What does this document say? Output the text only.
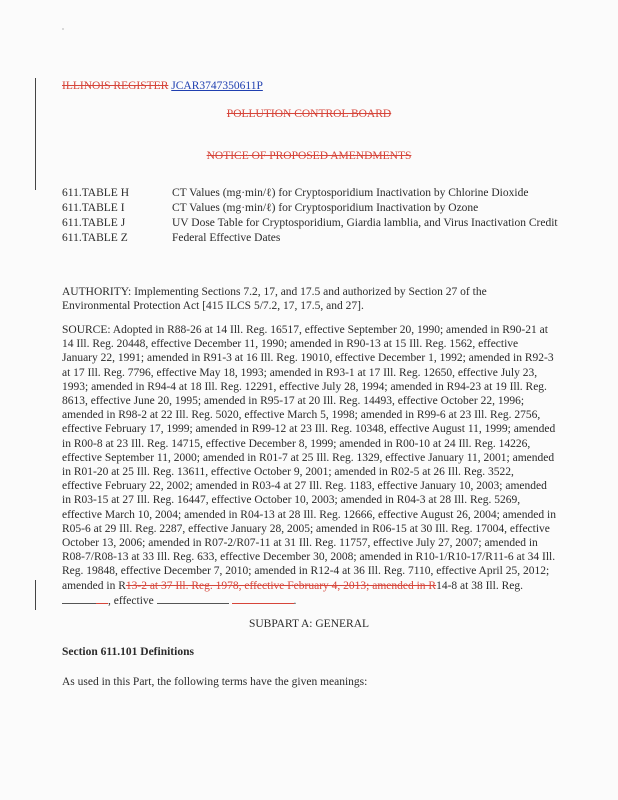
ILLINOIS REGISTER JCAR3747350611P
POLLUTION CONTROL BOARD
NOTICE OF PROPOSED AMENDMENTS
611.TABLE H	CT Values (mg·min/ℓ) for Cryptosporidium Inactivation by Chlorine Dioxide
611.TABLE I	CT Values (mg·min/ℓ) for Cryptosporidium Inactivation by Ozone
611.TABLE J	UV Dose Table for Cryptosporidium, Giardia lamblia, and Virus Inactivation Credit
611.TABLE Z	Federal Effective Dates

AUTHORITY: Implementing Sections 7.2, 17, and 17.5 and authorized by Section 27 of the Environmental Protection Act [415 ILCS 5/7.2, 17, 17.5, and 27].

SOURCE: Adopted in R88-26 at 14 Ill. Reg. 16517, effective September 20, 1990; amended in R90-21 at 14 Ill. Reg. 20448, effective December 11, 1990; amended in R90-13 at 15 Ill. Reg. 1562, effective January 22, 1991; amended in R91-3 at 16 Ill. Reg. 19010, effective December 1, 1992; amended in R92-3 at 17 Ill. Reg. 7796, effective May 18, 1993; amended in R93-1 at 17 Ill. Reg. 12650, effective July 23, 1993; amended in R94-4 at 18 Ill. Reg. 12291, effective July 28, 1994; amended in R94-23 at 19 Ill. Reg. 8613, effective June 20, 1995; amended in R95-17 at 20 Ill. Reg. 14493, effective October 22, 1996; amended in R98-2 at 22 Ill. Reg. 5020, effective March 5, 1998; amended in R99-6 at 23 Ill. Reg. 2756, effective February 17, 1999; amended in R99-12 at 23 Ill. Reg. 10348, effective August 11, 1999; amended in R00-8 at 23 Ill. Reg. 14715, effective December 8, 1999; amended in R00-10 at 24 Ill. Reg. 14226, effective September 11, 2000; amended in R01-7 at 25 Ill. Reg. 1329, effective January 11, 2001; amended in R01-20 at 25 Ill. Reg. 13611, effective October 9, 2001; amended in R02-5 at 26 Ill. Reg. 3522, effective February 22, 2002; amended in R03-4 at 27 Ill. Reg. 1183, effective January 10, 2003; amended in R03-15 at 27 Ill. Reg. 16447, effective October 10, 2003; amended in R04-3 at 28 Ill. Reg. 5269, effective March 10, 2004; amended in R04-13 at 28 Ill. Reg. 12666, effective August 26, 2004; amended in R05-6 at 29 Ill. Reg. 2287, effective January 28, 2005; amended in R06-15 at 30 Ill. Reg. 17004, effective October 13, 2006; amended in R07-2/R07-11 at 31 Ill. Reg. 11757, effective July 27, 2007; amended in R08-7/R08-13 at 33 Ill. Reg. 633, effective December 30, 2008; amended in R10-1/R10-17/R11-6 at 34 Ill. Reg. 19848, effective December 7, 2010; amended in R12-4 at 36 Ill. Reg. 7110, effective April 25, 2012; amended in R13-2 at 37 Ill. Reg. 1978, effective February 4, 2013; amended in R14-8 at 38 Ill. Reg.
, effective	.

SUBPART A: GENERAL
Section 611.101 Definitions
As used in this Part, the following terms have the given meanings:
